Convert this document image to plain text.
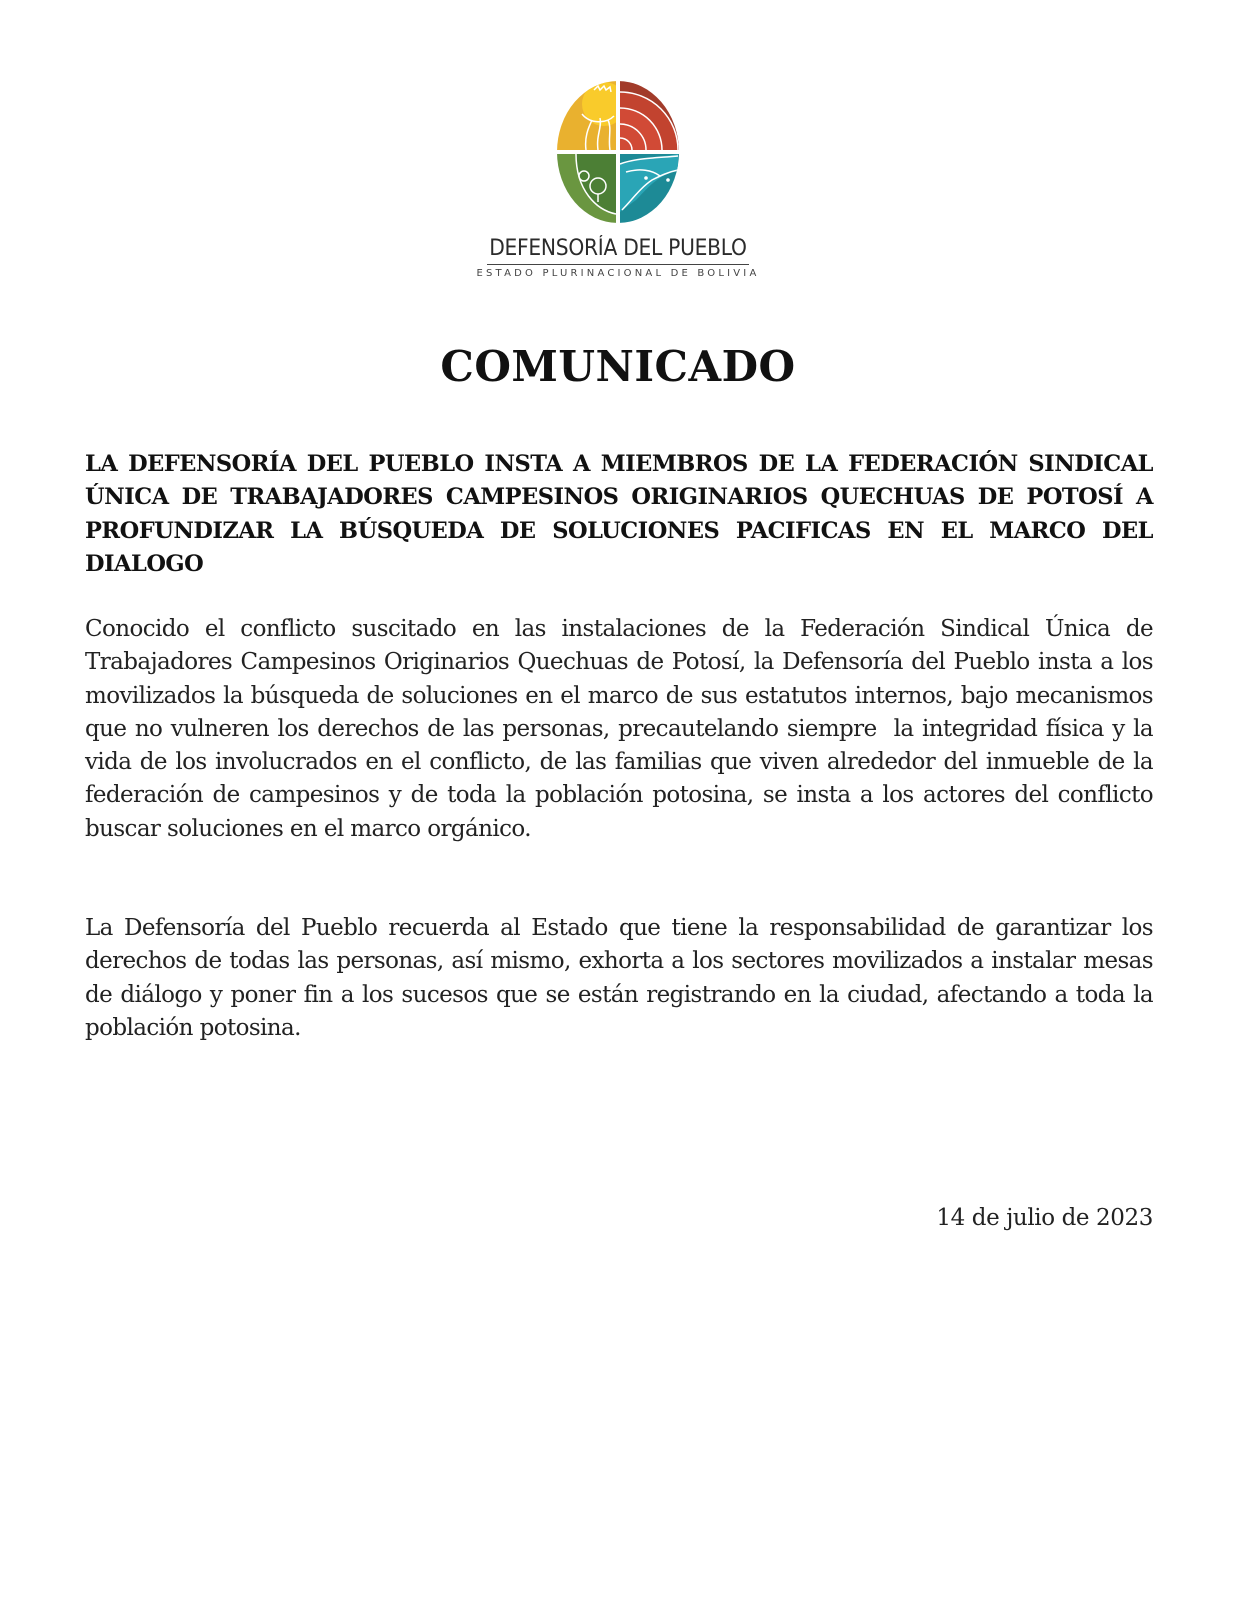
DEFENSORÍA DEL PUEBLO
ESTADO PLURINACIONAL DE BOLIVIA
COMUNICADO
LA DEFENSORÍA DEL PUEBLO INSTA A MIEMBROS DE LA FEDERACIÓN SINDICAL ÚNICA DE TRABAJADORES CAMPESINOS ORIGINARIOS QUECHUAS DE POTOSÍ A PROFUNDIZAR LA BÚSQUEDA DE SOLUCIONES PACIFICAS EN EL MARCO DEL DIALOGO

Conocido el conflicto suscitado en las instalaciones de la Federación Sindical Única de Trabajadores Campesinos Originarios Quechuas de Potosí, la Defensoría del Pueblo insta a los movilizados la búsqueda de soluciones en el marco de sus estatutos internos, bajo mecanismos que no vulneren los derechos de las personas, precautelando siempre  la integridad física y la vida de los involucrados en el conflicto, de las familias que viven alrededor del inmueble de la federación de campesinos y de toda la población potosina, se insta a los actores del conflicto buscar soluciones en el marco orgánico.

La Defensoría del Pueblo recuerda al Estado que tiene la responsabilidad de garantizar los derechos de todas las personas, así mismo, exhorta a los sectores movilizados a instalar mesas de diálogo y poner fin a los sucesos que se están registrando en la ciudad, afectando a toda la población potosina.

14 de julio de 2023
